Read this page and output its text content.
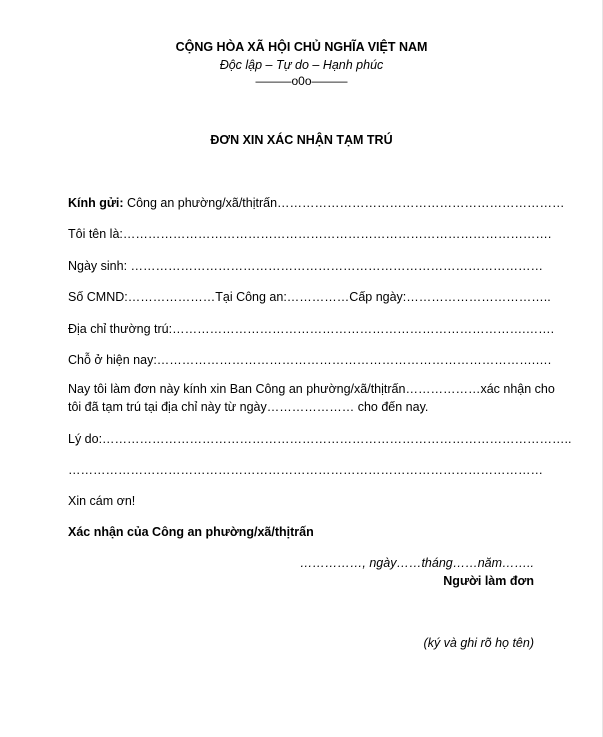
CỘNG HÒA XÃ HỘI CHỦ NGHĨA VIỆT NAM
Độc lập – Tự do – Hạnh phúc
———o0o———
ĐƠN XIN XÁC NHẬN TẠM TRÚ
Kính gửi: Công an phường/xã/thịtrấn……………………………………………………………
Tôi tên là:………………………………………………………………………………………….
Ngày sinh: ………………………………………………………………………………………
Số CMND:…………………Tại Công an:……………Cấp ngày:……………………………..
Địa chỉ thường trú:………………………………………………………………………….…….
Chỗ ở hiện nay:……………………………………………………………………………….….
Nay tôi làm đơn này kính xin Ban Công an phường/xã/thịtrấn………………xác nhận cho
tôi đã tạm trú tại địa chỉ này từ ngày………………… cho đến nay.
Lý do:…………………………………………………………………………………………………..
……………………………………………………………………………………………………
Xin cám ơn!
Xác nhận của Công an phường/xã/thịtrấn
……………, ngày……tháng……năm……..
Người làm đơn
(ký và ghi rõ họ tên)
